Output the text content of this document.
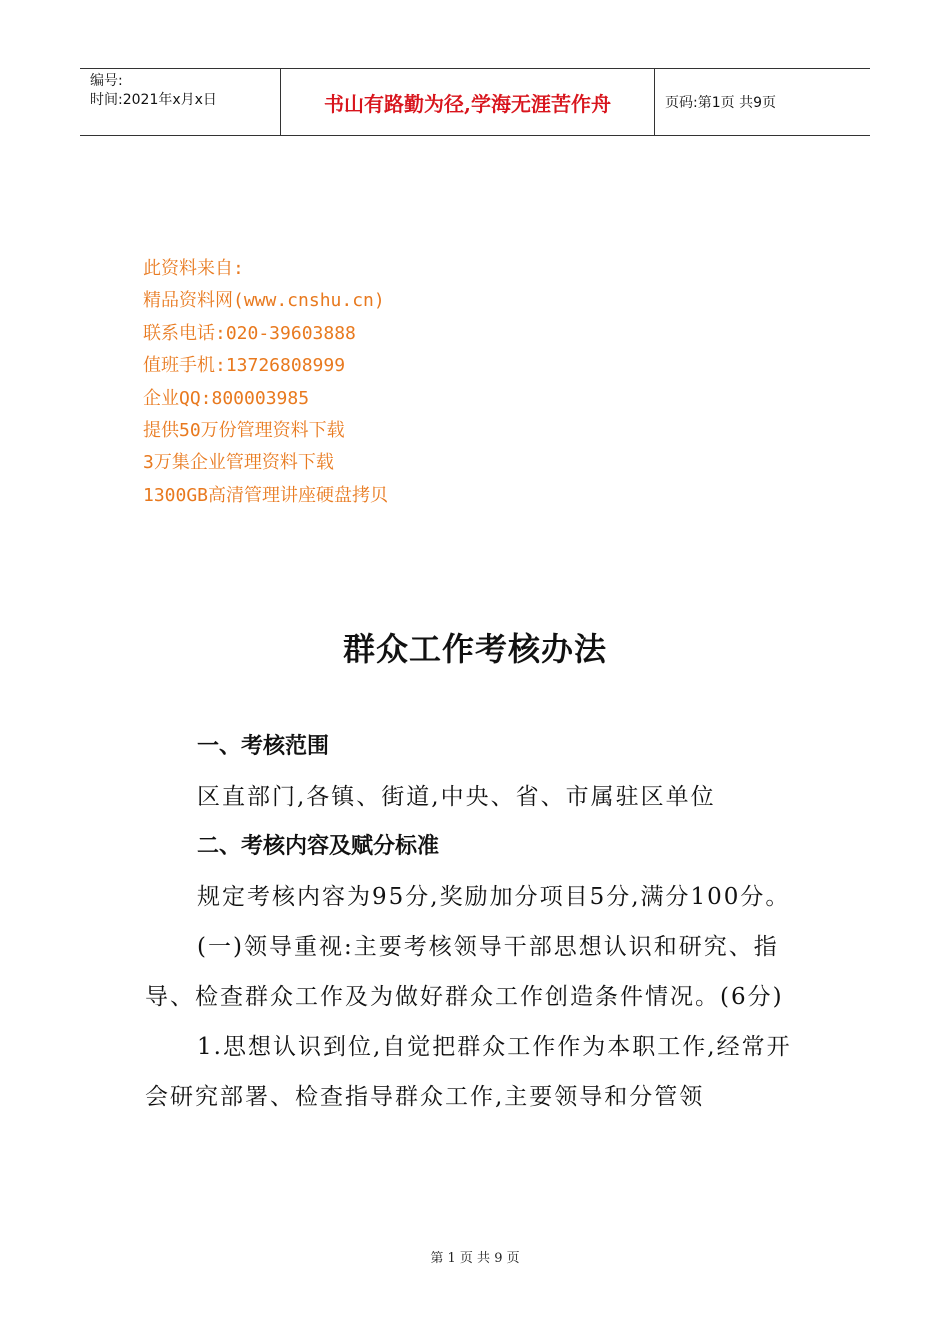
编号:
时间:2021年x月x日	书山有路勤为径,学海无涯苦作舟	页码:第1页 共9页
此资料来自:
精品资料网(www.cnshu.cn)
联系电话:020-39603888
值班手机:13726808999
企业QQ:800003985
提供50万份管理资料下载
3万集企业管理资料下载
1300GB高清管理讲座硬盘拷贝
群众工作考核办法

一、考核范围

区直部门,各镇、街道,中央、省、市属驻区单位

二、考核内容及赋分标准

规定考核内容为95分,奖励加分项目5分,满分100分。

(一)领导重视:主要考核领导干部思想认识和研究、指导、检查群众工作及为做好群众工作创造条件情况。(6分)

1.思想认识到位,自觉把群众工作作为本职工作,经常开会研究部署、检查指导群众工作,主要领导和分管领

第 1 页 共 9 页
